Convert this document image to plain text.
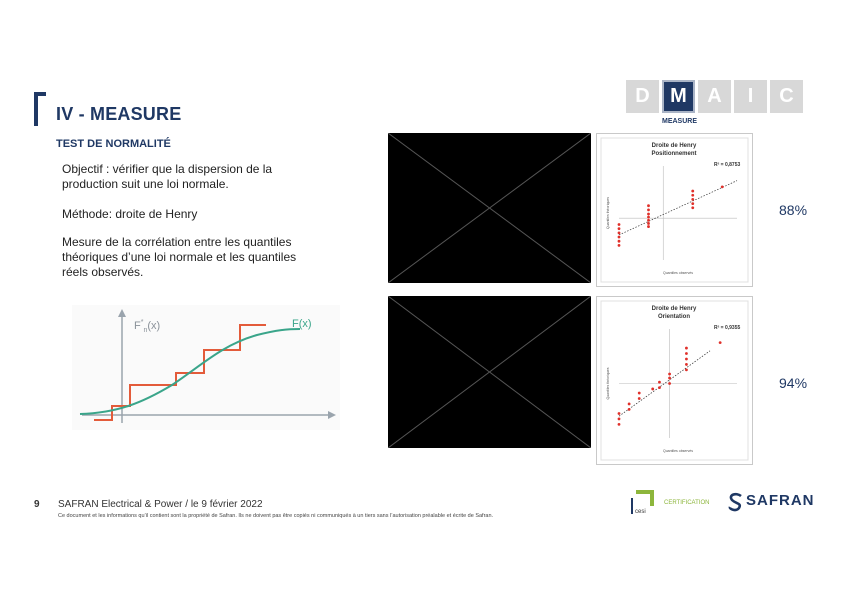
IV - MEASURE
TEST DE NORMALITÉ
D	M	A	I	C
MEASURE
Objectif : vérifier que la dispersion de la production suit une loi normale.
Méthode: droite de Henry
Mesure de la corrélation entre les quantiles théoriques d’une loi normale et les quantiles réels observés.
$F^*_n(x)$	F(x)
Droite de Henry
Positionnement
R² = 0,8753
Quantiles théoriques
Quantiles observés
Droite de Henry
Orientation
R² = 0,9355
Quantiles théoriques
Quantiles observés
88%
94%
9 SAFRAN Electrical & Power / le 9 février 2022
Ce document et les informations qu’il contient sont la propriété de Safran. Ils ne doivent pas être copiés ni communiqués à un tiers sans l’autorisation préalable et écrite de Safran.
cesi
CERTIFICATION SAFRAN
